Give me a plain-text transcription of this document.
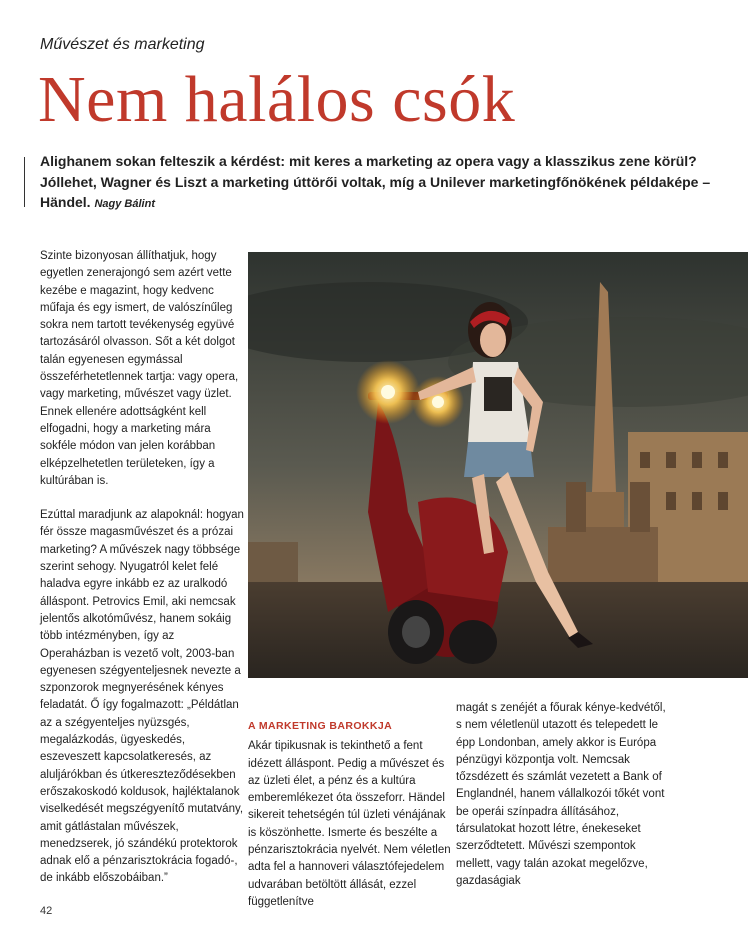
Művészet és marketing
Nem halálos csók
Alighanem sokan felteszik a kérdést: mit keres a marketing az opera vagy a klasszikus zene körül? Jóllehet, Wagner és Liszt a marketing úttörői voltak, míg a Unilever marketingfőnökének példaképe – Händel. Nagy Bálint

Szinte bizonyosan állíthatjuk, hogy egyetlen zenerajongó sem azért vette kezébe e magazint, hogy kedvenc műfaja és egy ismert, de valószínűleg sokra nem tartott tevékenység együvé tartozásáról olvasson. Sőt a két dolgot talán egyenesen egymással összeférhetetlennek tartja: vagy opera, vagy marketing, művészet vagy üzlet. Ennek ellenére adottságként kell elfogadni, hogy a marketing mára sokféle módon van jelen korábban elképzelhetetlen területeken, így a kultúrában is.

Ezúttal maradjunk az alapoknál: hogyan fér össze magasművészet és a prózai marketing? A művészek nagy többsége szerint sehogy. Nyugatról kelet felé haladva egyre inkább ez az uralkodó álláspont. Petrovics Emil, aki nemcsak jelentős alkotóművész, hanem sokáig több intézményben, így az Operaházban is vezető volt, 2003-ban egyenesen szégyenteljesnek nevezte a szponzorok megnyerésének kényes feladatát. Ő így fogalmazott: „Példátlan az a szégyenteljes nyüzsgés, megalázkodás, ügyeskedés, eszeveszett kapcsolatkeresés, az aluljárókban és útkereszteződésekben erőszakoskodó koldusok, hajléktalanok viselkedését megszégyenítő mutatvány, amit gátlástalan művészek, menedzserek, jó szándékú protektorok adnak elő a pénzarisztokrácia fogadó-, de inkább előszobáiban.”

A MARKETING BAROKKJA
Akár tipikusnak is tekinthető a fent idézett álláspont. Pedig a művészet és az üzleti élet, a pénz és a kultúra emberemlékezet óta összeforr. Händel sikereit tehetségén túl üzleti vénájának is köszönhette. Ismerte és beszélte a pénzarisztokrácia nyelvét. Nem véletlen adta fel a hannoveri választófejedelem udvarában betöltött állását, ezzel függetlenítve
magát s zenéjét a főurak kénye-kedvétől, s nem véletlenül utazott és telepedett le épp Londonban, amely akkor is Európa pénzügyi központja volt. Nemcsak tőzsdézett és számlát vezetett a Bank of Englandnél, hanem vállalkozói tőkét vont be operái színpadra állításához, társulatokat hozott létre, énekeseket szerződtetett. Művészi szempontok mellett, vagy talán azokat megelőzve, gazdaságiak
42
